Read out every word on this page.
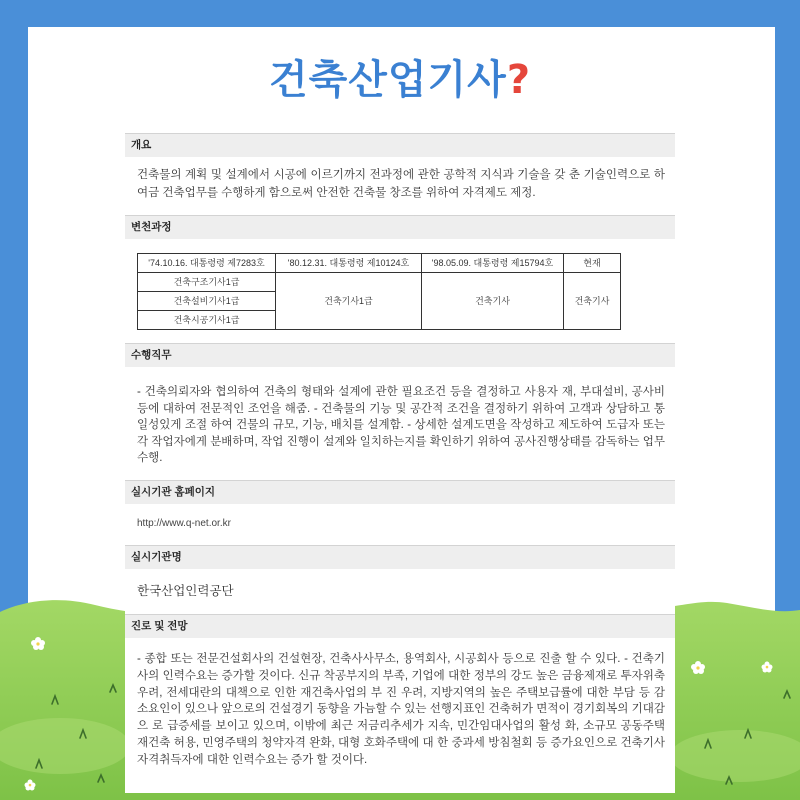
건축산업기사?
개요
건축물의 계획 및 설계에서 시공에 이르기까지 전과정에 관한 공학적 지식과 기술을 갖 춘 기술인력으로 하여금 건축업무를 수행하게 함으로써 안전한 건축물 창조를 위하여 자격제도 제정.
변천과정
'74.10.16. 대통령령 제7283호	'80.12.31. 대통령령 제10124호	'98.05.09. 대통령령 제15794호	현재
건축구조기사1급	건축기사1급	건축기사	건축기사
건축설비기사1급			
건축시공기사1급			
수행직무
- 건축의뢰자와 협의하여 건축의 형태와 설계에 관한 필요조건 등을 결정하고 사용자 재, 부대설비, 공사비 등에 대하여 전문적인 조언을 해줌. - 건축물의 기능 및 공간적 조건을 결정하기 위하여 고객과 상담하고 통일성있게 조절 하여 건물의 규모, 기능, 배치를 설계함. - 상세한 설계도면을 작성하고 제도하여 도급자 또는 각 작업자에게 분배하며, 작업 진행이 설계와 일치하는지를 확인하기 위하여 공사진행상태를 감독하는 업무 수행.
실시기관 홈페이지
http://www.q-net.or.kr
실시기관명
한국산업인력공단
진로 및 전망
- 종합 또는 전문건설회사의 건설현장, 건축사사무소, 용역회사, 시공회사 등으로 진출 할 수 있다. - 건축기사의 인력수요는 증가할 것이다. 신규 착공부지의 부족, 기업에 대한 정부의 강도 높은 금융제재로 투자위축 우려, 전세대란의 대책으로 인한 재건축사업의 부 진 우려, 지방지역의 높은 주택보급률에 대한 부담 등 감소요인이 있으나 앞으로의 건설경기 동향을 가늠할 수 있는 선행지표인 건축허가 면적이 경기회복의 기대감으 로 급증세를 보이고 있으며, 이밖에 최근 저금리추세가 지속, 민간임대사업의 활성 화, 소규모 공동주택 재건축 허용, 민영주택의 청약자격 완화, 대형 호화주택에 대 한 중과세 방침철회 등 증가요인으로 건축기사 자격취득자에 대한 인력수요는 증가 할 것이다.
